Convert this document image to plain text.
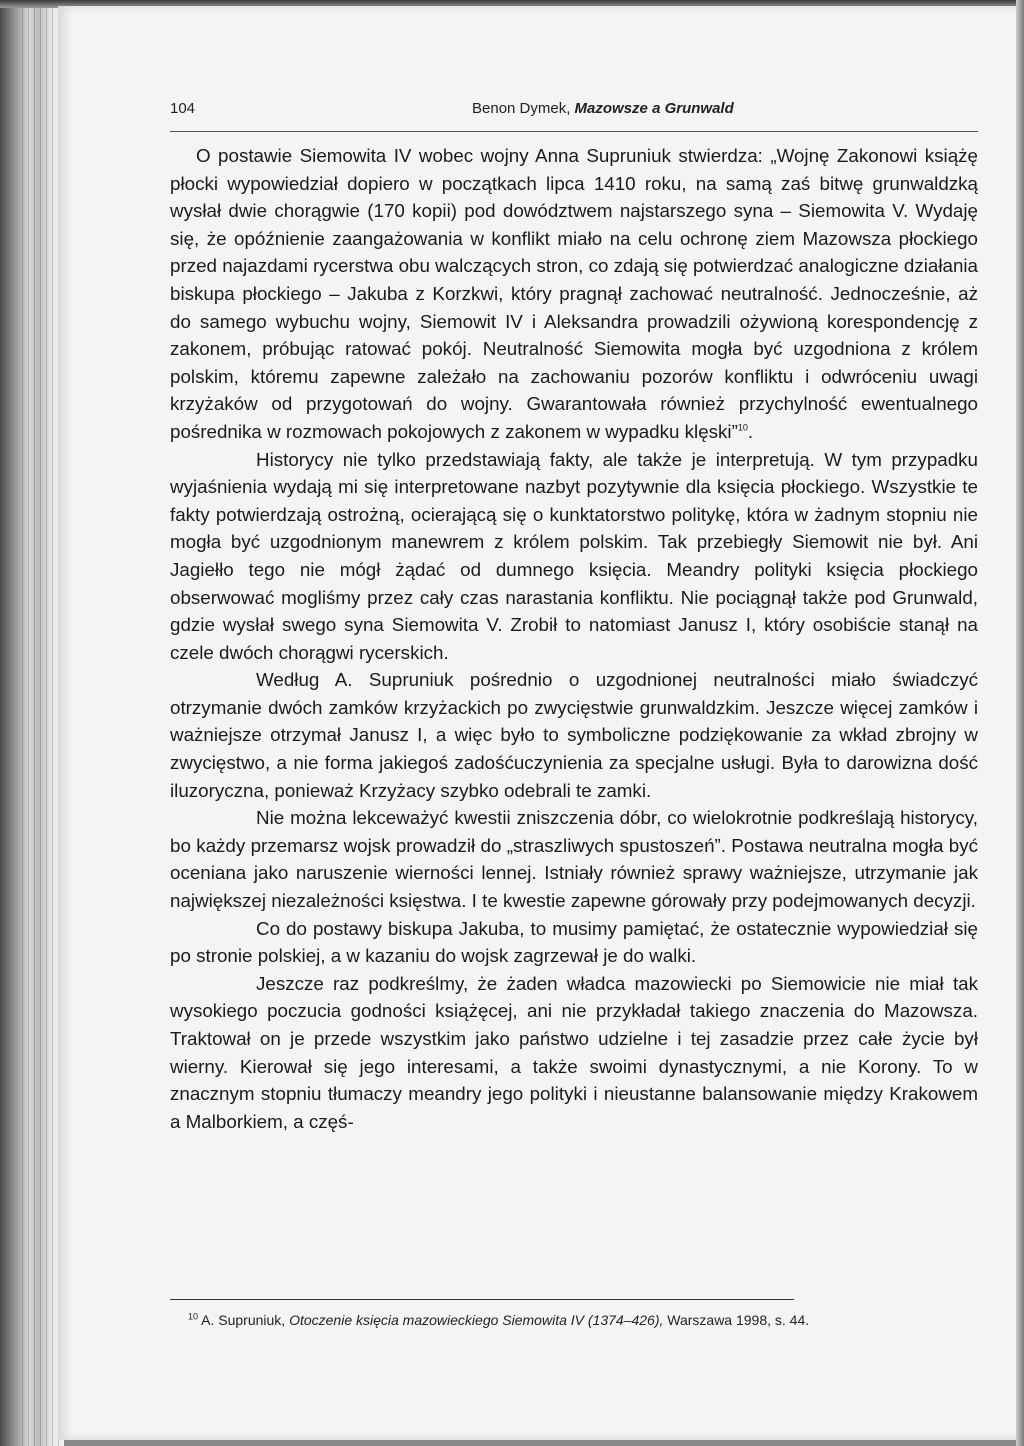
104	Benon Dymek, Mazowsze a Grunwald

O postawie Siemowita IV wobec wojny Anna Supruniuk stwierdza: „Wojnę Zakonowi książę płocki wypowiedział dopiero w początkach lipca 1410 roku, na samą zaś bitwę grunwaldzką wysłał dwie chorągwie (170 kopii) pod dowództwem najstarszego syna – Siemowita V. Wydaję się, że opóźnienie zaangażowania w konflikt miało na celu ochronę ziem Mazowsza płockiego przed najazdami rycerstwa obu walczących stron, co zdają się potwierdzać analogiczne działania biskupa płockiego – Jakuba z Korzkwi, który pragnął zachować neutralność. Jednocześnie, aż do samego wybuchu wojny, Siemowit IV i Aleksandra prowadzili ożywioną korespondencję z zakonem, próbując ratować pokój. Neutralność Siemowita mogła być uzgodniona z królem polskim, któremu zapewne zależało na zachowaniu pozorów konfliktu i odwróceniu uwagi krzyżaków od przygotowań do wojny. Gwarantowała również przychylność ewentualnego pośrednika w rozmowach pokojowych z zakonem w wypadku klęski”$^{10}$.

Historycy nie tylko przedstawiają fakty, ale także je interpretują. W tym przypadku wyjaśnienia wydają mi się interpretowane nazbyt pozytywnie dla księcia płockiego. Wszystkie te fakty potwierdzają ostrożną, ocierającą się o kunktatorstwo politykę, która w żadnym stopniu nie mogła być uzgodnionym manewrem z królem polskim. Tak przebiegły Siemowit nie był. Ani Jagiełło tego nie mógł żądać od dumnego księcia. Meandry polityki księcia płockiego obserwować mogliśmy przez cały czas narastania konfliktu. Nie pociągnął także pod Grunwald, gdzie wysłał swego syna Siemowita V. Zrobił to natomiast Janusz I, który osobiście stanął na czele dwóch chorągwi rycerskich.

Według A. Supruniuk pośrednio o uzgodnionej neutralności miało świadczyć otrzymanie dwóch zamków krzyżackich po zwycięstwie grunwaldzkim. Jeszcze więcej zamków i ważniejsze otrzymał Janusz I, a więc było to symboliczne podziękowanie za wkład zbrojny w zwycięstwo, a nie forma jakiegoś zadośćuczynienia za specjalne usługi. Była to darowizna dość iluzoryczna, ponieważ Krzyżacy szybko odebrali te zamki.

Nie można lekceważyć kwestii zniszczenia dóbr, co wielokrotnie podkreślają historycy, bo każdy przemarsz wojsk prowadził do „straszliwych spustoszeń”. Postawa neutralna mogła być oceniana jako naruszenie wierności lennej. Istniały również sprawy ważniejsze, utrzymanie jak największej niezależności księstwa. I te kwestie zapewne górowały przy podejmowanych decyzji.

Co do postawy biskupa Jakuba, to musimy pamiętać, że ostatecznie wypowiedział się po stronie polskiej, a w kazaniu do wojsk zagrzewał je do walki.

Jeszcze raz podkreślmy, że żaden władca mazowiecki po Siemowicie nie miał tak wysokiego poczucia godności książęcej, ani nie przykładał takiego znaczenia do Mazowsza. Traktował on je przede wszystkim jako państwo udzielne i tej zasadzie przez całe życie był wierny. Kierował się jego interesami, a także swoimi dynastycznymi, a nie Korony. To w znacznym stopniu tłumaczy meandry jego polityki i nieustanne balansowanie między Krakowem a Malborkiem, a częś-

$^{10}$ A. Supruniuk, Otoczenie księcia mazowieckiego Siemowita IV (1374–426), Warszawa 1998, s. 44.
